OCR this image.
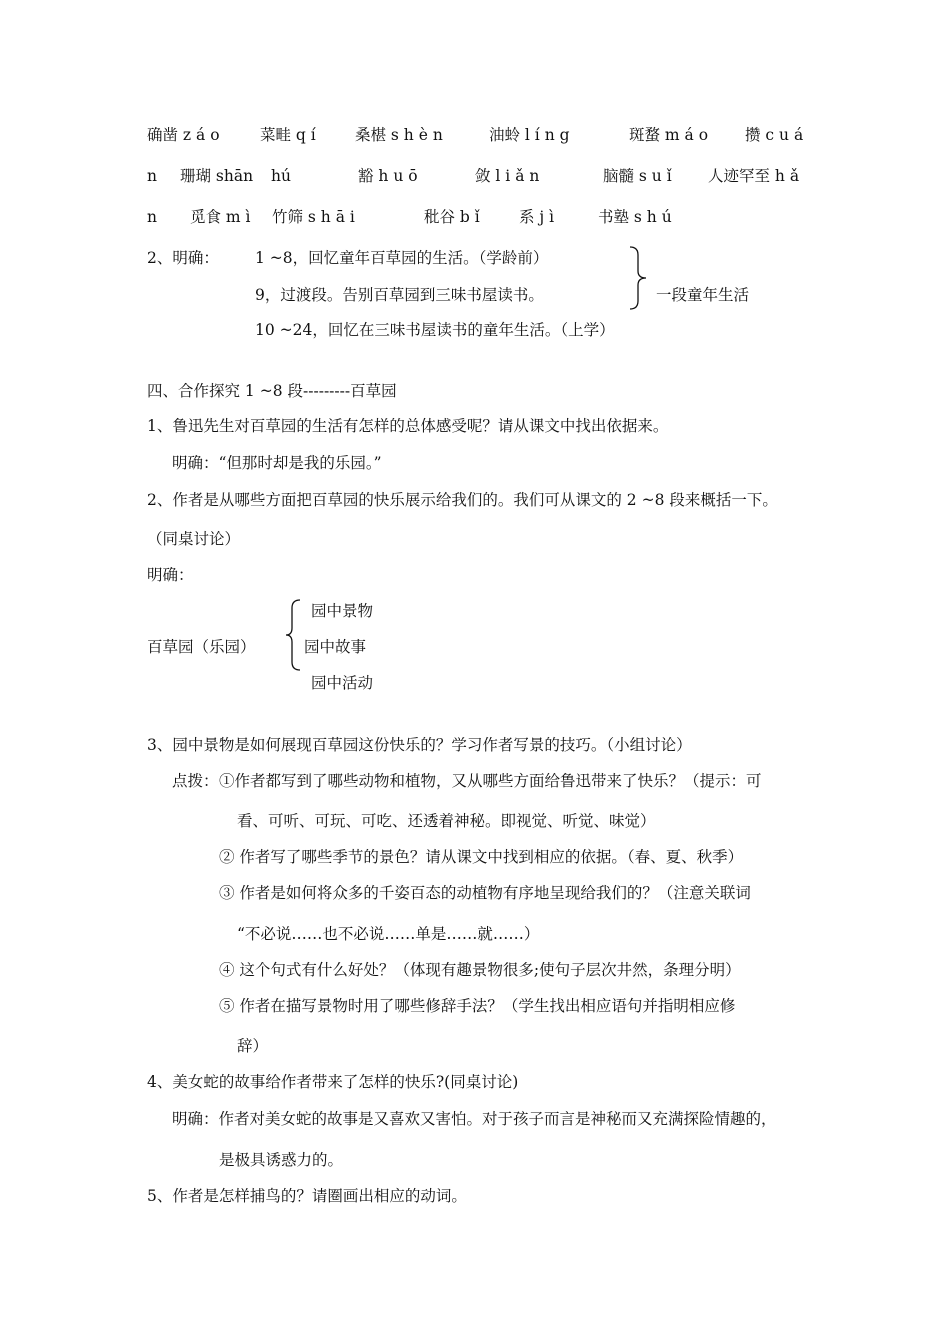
确凿 z á o	菜畦 q í	桑椹 s h è n	油蛉 l í n g	斑蝥 m á o 攒 c u á
n 珊瑚 shān hú	豁 h u ō	敛 l i ǎ n	脑髓 s u ǐ 人迹罕至 h ǎ
n 觅食 m ì 竹筛 s h ā i	秕谷 b ǐ	系 j ì	书塾 s h ú
2、明确： 1 ~8，回忆童年百草园的生活。（学龄前）
9，过渡段。告别百草园到三味书屋读书。
10 ~24，回忆在三味书屋读书的童年生活。（上学）
一段童年生活
四、合作探究 1 ~8 段---------百草园
1、鲁迅先生对百草园的生活有怎样的总体感受呢？请从课文中找出依据来。
明确：“但那时却是我的乐园。”
2、作者是从哪些方面把百草园的快乐展示给我们的。我们可从课文的 2 ~8 段来概括一下。
（同桌讨论）
明确：
百草园（乐园）
园中景物
园中故事
园中活动
3、园中景物是如何展现百草园这份快乐的？学习作者写景的技巧。（小组讨论）
点拨： ①作者都写到了哪些动物和植物，又从哪些方面给鲁迅带来了快乐？（提示：可
看、可听、可玩、可吃、还透着神秘。即视觉、听觉、味觉）
② 作者写了哪些季节的景色？请从课文中找到相应的依据。（春、夏、秋季）
③ 作者是如何将众多的千姿百态的动植物有序地呈现给我们的？（注意关联词
“不必说……也不必说……单是……就……）
④ 这个句式有什么好处？（体现有趣景物很多;使句子层次井然，条理分明）
⑤ 作者在描写景物时用了哪些修辞手法？（学生找出相应语句并指明相应修
辞）
4、美女蛇的故事给作者带来了怎样的快乐?(同桌讨论)
明确：作者对美女蛇的故事是又喜欢又害怕。对于孩子而言是神秘而又充满探险情趣的，
是极具诱惑力的。
5、作者是怎样捕鸟的？请圈画出相应的动词。
